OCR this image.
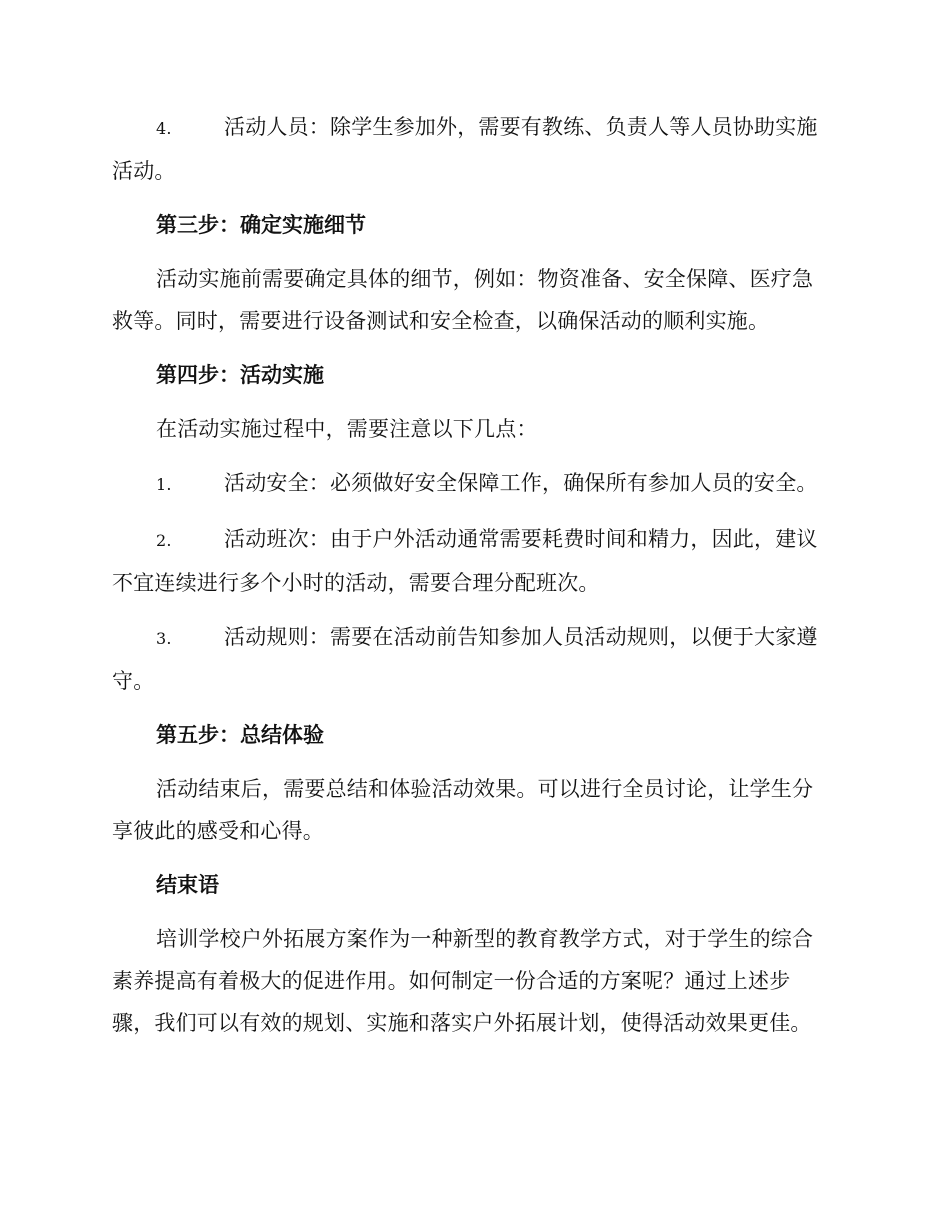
4. 活动人员：除学生参加外，需要有教练、负责人等人员协助实施活动。
第三步：确定实施细节
活动实施前需要确定具体的细节，例如：物资准备、安全保障、医疗急救等。同时，需要进行设备测试和安全检查，以确保活动的顺利实施。
第四步：活动实施
在活动实施过程中，需要注意以下几点：
1. 活动安全：必须做好安全保障工作，确保所有参加人员的安全。
2. 活动班次：由于户外活动通常需要耗费时间和精力，因此，建议不宜连续进行多个小时的活动，需要合理分配班次。
3. 活动规则：需要在活动前告知参加人员活动规则，以便于大家遵守。
第五步：总结体验
活动结束后，需要总结和体验活动效果。可以进行全员讨论，让学生分享彼此的感受和心得。
结束语
培训学校户外拓展方案作为一种新型的教育教学方式，对于学生的综合素养提高有着极大的促进作用。如何制定一份合适的方案呢？通过上述步骤，我们可以有效的规划、实施和落实户外拓展计划，使得活动效果更佳。
